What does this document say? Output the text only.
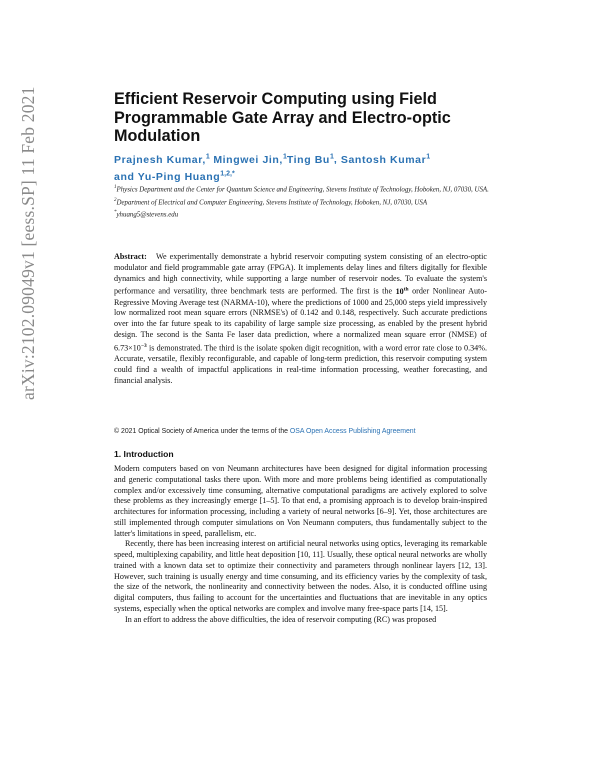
arXiv:2102.09049v1 [eess.SP] 11 Feb 2021	Efficient Reservoir Computing using Field Programmable Gate Array and Electro-optic Modulation
Prajnesh Kumar,$^1$ Mingwei Jin,$^1$Ting Bu$^1$, Santosh Kumar$^1$
and Yu-Ping Huang$^{1,2,*}$
$^1$Physics Department and the Center for Quantum Science and Engineering, Stevens Institute of Technology, Hoboken, NJ, 07030, USA.
$^2$Department of Electrical and Computer Engineering, Stevens Institute of Technology, Hoboken, NJ, 07030, USA
*yhuang5@stevens.edu
Abstract: We experimentally demonstrate a hybrid reservoir computing system consisting of an electro-optic modulator and field programmable gate array (FPGA). It implements delay lines and filters digitally for flexible dynamics and high connectivity, while supporting a large number of reservoir nodes. To evaluate the system's performance and versatility, three benchmark tests are performed. The first is the 10th order Nonlinear Auto-Regressive Moving Average test (NARMA-10), where the predictions of 1000 and 25,000 steps yield impressively low normalized root mean square errors (NRMSE's) of 0.142 and 0.148, respectively. Such accurate predictions over into the far future speak to its capability of large sample size processing, as enabled by the present hybrid design. The second is the Santa Fe laser data prediction, where a normalized mean square error (NMSE) of $6.73\times 10^{-3}$ is demonstrated. The third is the isolate spoken digit recognition, with a word error rate close to 0.34%. Accurate, versatile, flexibly reconfigurable, and capable of long-term prediction, this reservoir computing system could find a wealth of impactful applications in real-time information processing, weather forecasting, and financial analysis.
© 2021 Optical Society of America under the terms of the OSA Open Access Publishing Agreement
1. Introduction

Modern computers based on von Neumann architectures have been designed for digital information processing and generic computational tasks there upon. With more and more problems being identified as computationally complex and/or excessively time consuming, alternative computational paradigms are actively explored to solve these problems as they increasingly emerge [1–5]. To that end, a promising approach is to develop brain-inspired architectures for information processing, including a variety of neural networks [6–9]. Yet, those architectures are still implemented through computer simulations on Von Neumann computers, thus fundamentally subject to the latter's limitations in speed, parallelism, etc.

Recently, there has been increasing interest on artificial neural networks using optics, leveraging its remarkable speed, multiplexing capability, and little heat deposition [10, 11]. Usually, these optical neural networks are wholly trained with a known data set to optimize their connectivity and parameters through nonlinear layers [12, 13]. However, such training is usually energy and time consuming, and its efficiency varies by the complexity of task, the size of the network, the nonlinearity and connectivity between the nodes. Also, it is conducted offline using digital computers, thus failing to account for the uncertainties and fluctuations that are inevitable in any optics systems, especially when the optical networks are complex and involve many free-space parts [14, 15].

In an effort to address the above difficulties, the idea of reservoir computing (RC) was proposed
